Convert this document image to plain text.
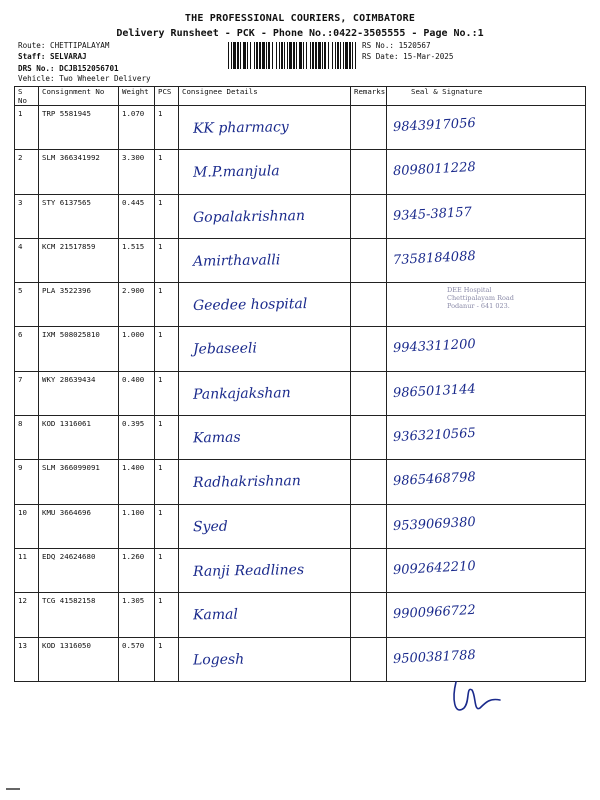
THE PROFESSIONAL COURIERS, COIMBATORE
Delivery Runsheet - PCK - Phone No.:0422-3505555 - Page No.:1
Route: CHETTIPALAYAM
Staff: SELVARAJ
DRS No.: DCJB152056701
Vehicle: Two Wheeler Delivery
RS No.: 1520567
RS Date: 15-Mar-2025
S No	Consignment No	Weight	PCS	Consignee Details	Remarks	Seal & Signature
1	TRP 5581945	1.070	1	KK pharmacy		9843917056

2	SLM 366341992	3.300	1	M.P.manjula		8098011228

3	STY 6137565	0.445	1	Gopalakrishnan		9345-38157

4	KCM 21517859	1.515	1	Amirthavalli		7358184088

5	PLA 3522396	2.900	1	Geedee hospital		DEE Hospital
Chettipalayam Road
Podanur - 641 023.

6	IXM 508025810	1.000	1	Jebaseeli		9943311200

7	WKY 28639434	0.400	1	Pankajakshan		9865013144

8	KOD 1316061	0.395	1	Kamas		9363210565

9	SLM 366099091	1.400	1	Radhakrishnan		9865468798

10	KMU 3664696	1.100	1	Syed		9539069380

11	EDQ 24624680	1.260	1	Ranji Readlines		9092642210

12	TCG 41582158	1.305	1	Kamal		9900966722

13	KOD 1316050	0.570	1	Logesh		9500381788
